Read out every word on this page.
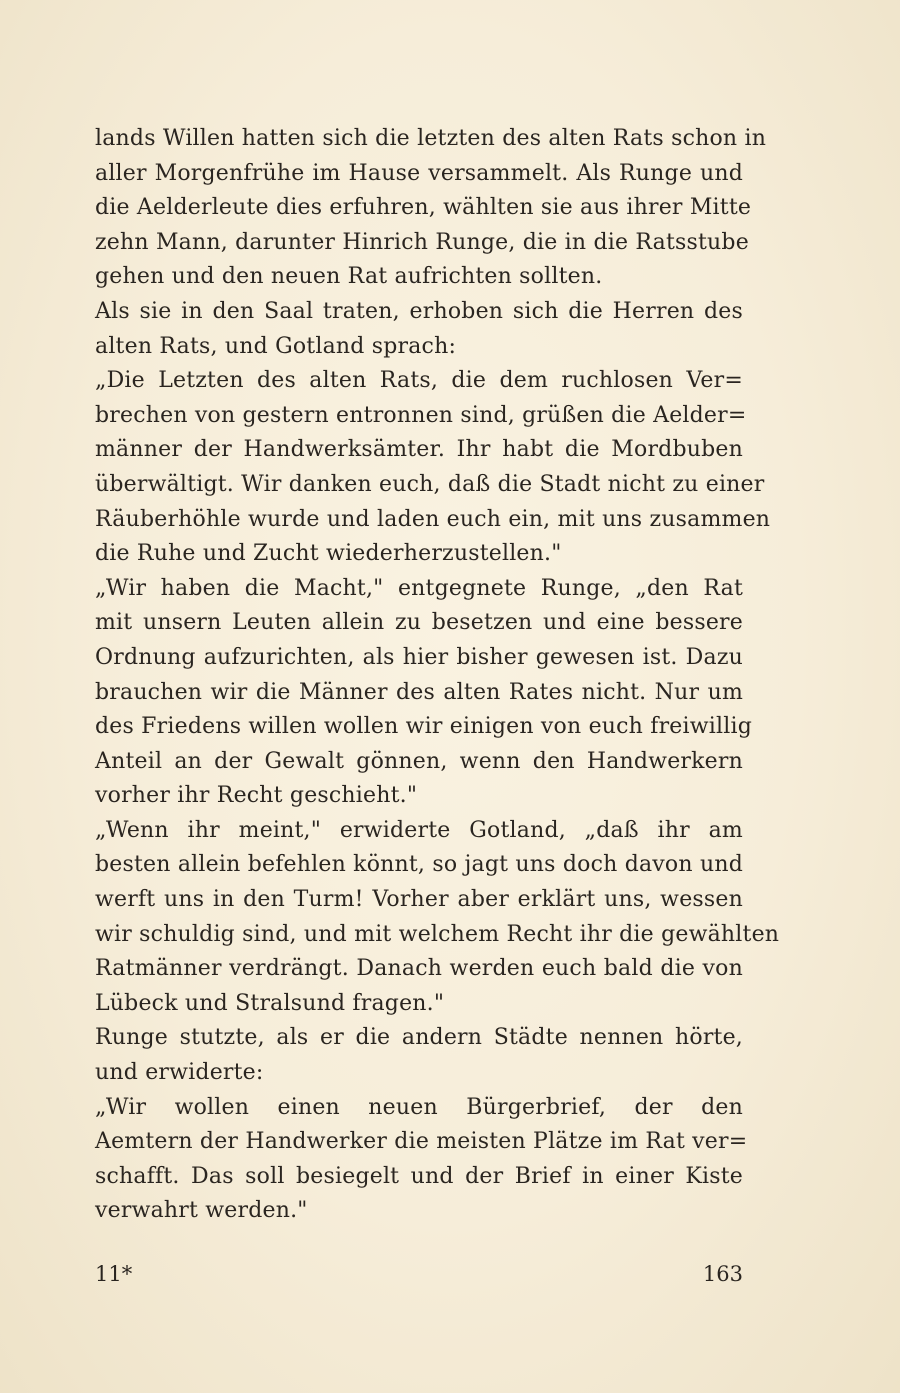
lands Willen hatten sich die letzten des alten Rats schon in
aller Morgenfrühe im Hause versammelt. Als Runge und
die Aelderleute dies erfuhren, wählten sie aus ihrer Mitte
zehn Mann, darunter Hinrich Runge, die in die Ratsstube
gehen und den neuen Rat aufrichten sollten.
Als sie in den Saal traten, erhoben sich die Herren des
alten Rats, und Gotland sprach:
„Die Letzten des alten Rats, die dem ruchlosen Ver=
brechen von gestern entronnen sind, grüßen die Aelder=
männer der Handwerksämter. Ihr habt die Mordbuben
überwältigt. Wir danken euch, daß die Stadt nicht zu einer
Räuberhöhle wurde und laden euch ein, mit uns zusammen
die Ruhe und Zucht wiederherzustellen."
„Wir haben die Macht," entgegnete Runge, „den Rat
mit unsern Leuten allein zu besetzen und eine bessere
Ordnung aufzurichten, als hier bisher gewesen ist. Dazu
brauchen wir die Männer des alten Rates nicht. Nur um
des Friedens willen wollen wir einigen von euch freiwillig
Anteil an der Gewalt gönnen, wenn den Handwerkern
vorher ihr Recht geschieht."
„Wenn ihr meint," erwiderte Gotland, „daß ihr am
besten allein befehlen könnt, so jagt uns doch davon und
werft uns in den Turm! Vorher aber erklärt uns, wessen
wir schuldig sind, und mit welchem Recht ihr die gewählten
Ratmänner verdrängt. Danach werden euch bald die von
Lübeck und Stralsund fragen."
Runge stutzte, als er die andern Städte nennen hörte,
und erwiderte:
„Wir wollen einen neuen Bürgerbrief, der den
Aemtern der Handwerker die meisten Plätze im Rat ver=
schafft. Das soll besiegelt und der Brief in einer Kiste
verwahrt werden."
11*	163
